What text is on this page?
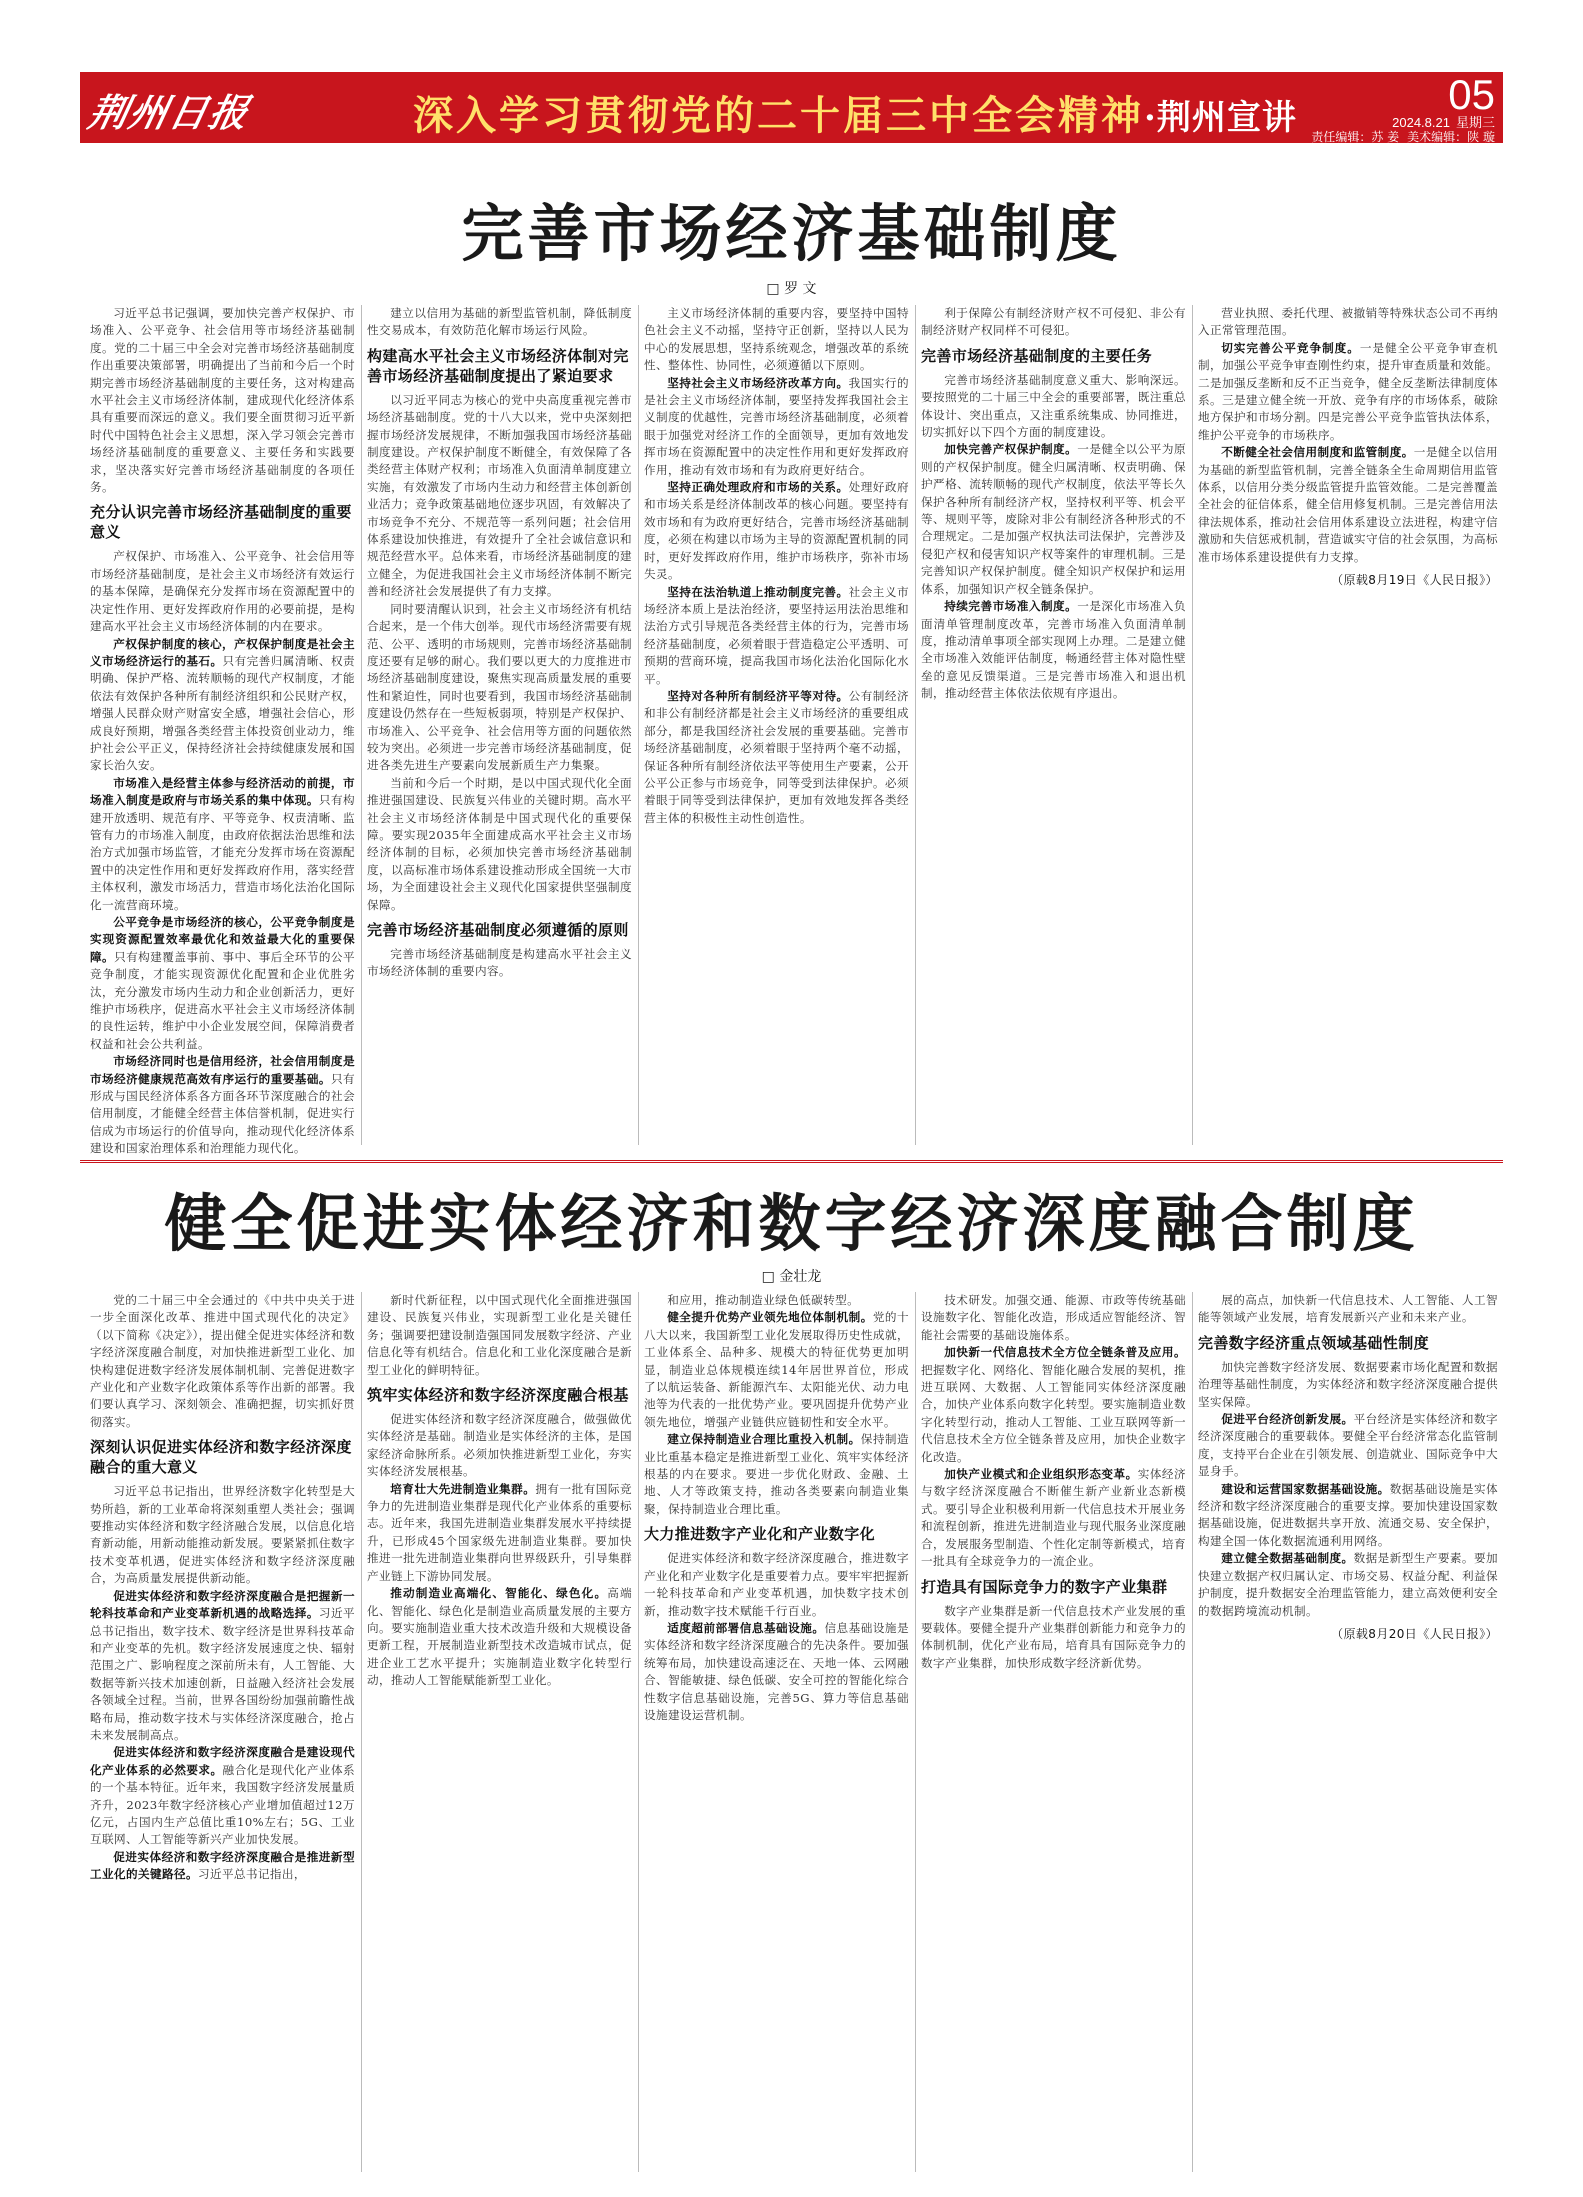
荆州日报	深入学习贯彻党的二十届三中全会精神·荆州宣讲	05
2024.8.21 星期三
责任编辑：苏 姜 美术编辑：陕 璇
完善市场经济基础制度
□ 罗 文

习近平总书记强调，要加快完善产权保护、市场准入、公平竞争、社会信用等市场经济基础制度。党的二十届三中全会对完善市场经济基础制度作出重要决策部署，明确提出了当前和今后一个时期完善市场经济基础制度的主要任务，这对构建高水平社会主义市场经济体制，建成现代化经济体系具有重要而深远的意义。我们要全面贯彻习近平新时代中国特色社会主义思想，深入学习领会完善市场经济基础制度的重要意义、主要任务和实践要求，坚决落实好完善市场经济基础制度的各项任务。

充分认识完善市场经济基础制度的重要意义

产权保护、市场准入、公平竞争、社会信用等市场经济基础制度，是社会主义市场经济有效运行的基本保障，是确保充分发挥市场在资源配置中的决定性作用、更好发挥政府作用的必要前提，是构建高水平社会主义市场经济体制的内在要求。

产权保护制度的核心，产权保护制度是社会主义市场经济运行的基石。只有完善归属清晰、权责明确、保护严格、流转顺畅的现代产权制度，才能依法有效保护各种所有制经济组织和公民财产权，增强人民群众财产财富安全感，增强社会信心，形成良好预期，增强各类经营主体投资创业动力，维护社会公平正义，保持经济社会持续健康发展和国家长治久安。

市场准入是经营主体参与经济活动的前提，市场准入制度是政府与市场关系的集中体现。只有构建开放透明、规范有序、平等竞争、权责清晰、监管有力的市场准入制度，由政府依据法治思维和法治方式加强市场监管，才能充分发挥市场在资源配置中的决定性作用和更好发挥政府作用，落实经营主体权利，激发市场活力，营造市场化法治化国际化一流营商环境。

公平竞争是市场经济的核心，公平竞争制度是实现资源配置效率最优化和效益最大化的重要保障。只有构建覆盖事前、事中、事后全环节的公平竞争制度，才能实现资源优化配置和企业优胜劣汰，充分激发市场内生动力和企业创新活力，更好维护市场秩序，促进高水平社会主义市场经济体制的良性运转，维护中小企业发展空间，保障消费者权益和社会公共利益。

市场经济同时也是信用经济，社会信用制度是市场经济健康规范高效有序运行的重要基础。只有形成与国民经济体系各方面各环节深度融合的社会信用制度，才能健全经营主体信誉机制，促进实行信成为市场运行的价值导向，推动现代化经济体系建设和国家治理体系和治理能力现代化。

建立以信用为基础的新型监管机制，降低制度性交易成本，有效防范化解市场运行风险。

构建高水平社会主义市场经济体制对完善市场经济基础制度提出了紧迫要求

以习近平同志为核心的党中央高度重视完善市场经济基础制度。党的十八大以来，党中央深刻把握市场经济发展规律，不断加强我国市场经济基础制度建设。产权保护制度不断健全，有效保障了各类经营主体财产权利；市场准入负面清单制度建立实施，有效激发了市场内生动力和经营主体创新创业活力；竞争政策基础地位逐步巩固，有效解决了市场竞争不充分、不规范等一系列问题；社会信用体系建设加快推进，有效提升了全社会诚信意识和规范经营水平。总体来看，市场经济基础制度的建立健全，为促进我国社会主义市场经济体制不断完善和经济社会发展提供了有力支撑。

同时要清醒认识到，社会主义市场经济有机结合起来，是一个伟大创举。现代市场经济需要有规范、公平、透明的市场规则，完善市场经济基础制度还要有足够的耐心。我们要以更大的力度推进市场经济基础制度建设，聚焦实现高质量发展的重要性和紧迫性，同时也要看到，我国市场经济基础制度建设仍然存在一些短板弱项，特别是产权保护、市场准入、公平竞争、社会信用等方面的问题依然较为突出。必须进一步完善市场经济基础制度，促进各类先进生产要素向发展新质生产力集聚。

当前和今后一个时期，是以中国式现代化全面推进强国建设、民族复兴伟业的关键时期。高水平社会主义市场经济体制是中国式现代化的重要保障。要实现2035年全面建成高水平社会主义市场经济体制的目标，必须加快完善市场经济基础制度，以高标准市场体系建设推动形成全国统一大市场，为全面建设社会主义现代化国家提供坚强制度保障。

完善市场经济基础制度必须遵循的原则

完善市场经济基础制度是构建高水平社会主义市场经济体制的重要内容。

主义市场经济体制的重要内容，要坚持中国特色社会主义不动摇，坚持守正创新，坚持以人民为中心的发展思想，坚持系统观念，增强改革的系统性、整体性、协同性，必须遵循以下原则。

坚持社会主义市场经济改革方向。我国实行的是社会主义市场经济体制，要坚持发挥我国社会主义制度的优越性，完善市场经济基础制度，必须着眼于加强党对经济工作的全面领导，更加有效地发挥市场在资源配置中的决定性作用和更好发挥政府作用，推动有效市场和有为政府更好结合。

坚持正确处理政府和市场的关系。处理好政府和市场关系是经济体制改革的核心问题。要坚持有效市场和有为政府更好结合，完善市场经济基础制度，必须在构建以市场为主导的资源配置机制的同时，更好发挥政府作用，维护市场秩序，弥补市场失灵。

坚持在法治轨道上推动制度完善。社会主义市场经济本质上是法治经济，要坚持运用法治思维和法治方式引导规范各类经营主体的行为，完善市场经济基础制度，必须着眼于营造稳定公平透明、可预期的营商环境，提高我国市场化法治化国际化水平。

坚持对各种所有制经济平等对待。公有制经济和非公有制经济都是社会主义市场经济的重要组成部分，都是我国经济社会发展的重要基础。完善市场经济基础制度，必须着眼于坚持两个毫不动摇，保证各种所有制经济依法平等使用生产要素，公开公平公正参与市场竞争，同等受到法律保护。必须着眼于同等受到法律保护，更加有效地发挥各类经营主体的积极性主动性创造性。

利于保障公有制经济财产权不可侵犯、非公有制经济财产权同样不可侵犯。

完善市场经济基础制度的主要任务

完善市场经济基础制度意义重大、影响深远。要按照党的二十届三中全会的重要部署，既注重总体设计、突出重点，又注重系统集成、协同推进，切实抓好以下四个方面的制度建设。

加快完善产权保护制度。一是健全以公平为原则的产权保护制度。健全归属清晰、权责明确、保护严格、流转顺畅的现代产权制度，依法平等长久保护各种所有制经济产权，坚持权利平等、机会平等、规则平等，废除对非公有制经济各种形式的不合理规定。二是加强产权执法司法保护，完善涉及侵犯产权和侵害知识产权等案件的审理机制。三是完善知识产权保护制度。健全知识产权保护和运用体系，加强知识产权全链条保护。

持续完善市场准入制度。一是深化市场准入负面清单管理制度改革，完善市场准入负面清单制度，推动清单事项全部实现网上办理。二是建立健全市场准入效能评估制度，畅通经营主体对隐性壁垒的意见反馈渠道。三是完善市场准入和退出机制，推动经营主体依法依规有序退出。

营业执照、委托代理、被撤销等特殊状态公司不再纳入正常管理范围。

切实完善公平竞争制度。一是健全公平竞争审查机制，加强公平竞争审查刚性约束，提升审查质量和效能。二是加强反垄断和反不正当竞争，健全反垄断法律制度体系。三是建立健全统一开放、竞争有序的市场体系，破除地方保护和市场分割。四是完善公平竞争监管执法体系，维护公平竞争的市场秩序。

不断健全社会信用制度和监管制度。一是健全以信用为基础的新型监管机制，完善全链条全生命周期信用监管体系，以信用分类分级监管提升监管效能。二是完善覆盖全社会的征信体系，健全信用修复机制。三是完善信用法律法规体系，推动社会信用体系建设立法进程，构建守信激励和失信惩戒机制，营造诚实守信的社会氛围，为高标准市场体系建设提供有力支撑。

（原载8月19日《人民日报》）

健全促进实体经济和数字经济深度融合制度
□ 金壮龙

党的二十届三中全会通过的《中共中央关于进一步全面深化改革、推进中国式现代化的决定》（以下简称《决定》），提出健全促进实体经济和数字经济深度融合制度，对加快推进新型工业化、加快构建促进数字经济发展体制机制、完善促进数字产业化和产业数字化政策体系等作出新的部署。我们要认真学习、深刻领会、准确把握，切实抓好贯彻落实。

深刻认识促进实体经济和数字经济深度融合的重大意义

习近平总书记指出，世界经济数字化转型是大势所趋，新的工业革命将深刻重塑人类社会；强调要推动实体经济和数字经济融合发展，以信息化培育新动能，用新动能推动新发展。要紧紧抓住数字技术变革机遇，促进实体经济和数字经济深度融合，为高质量发展提供新动能。

促进实体经济和数字经济深度融合是把握新一轮科技革命和产业变革新机遇的战略选择。习近平总书记指出，数字技术、数字经济是世界科技革命和产业变革的先机。数字经济发展速度之快、辐射范围之广、影响程度之深前所未有，人工智能、大数据等新兴技术加速创新，日益融入经济社会发展各领域全过程。当前，世界各国纷纷加强前瞻性战略布局，推动数字技术与实体经济深度融合，抢占未来发展制高点。

促进实体经济和数字经济深度融合是建设现代化产业体系的必然要求。融合化是现代化产业体系的一个基本特征。近年来，我国数字经济发展量质齐升，2023年数字经济核心产业增加值超过12万亿元，占国内生产总值比重10%左右；5G、工业互联网、人工智能等新兴产业加快发展。

促进实体经济和数字经济深度融合是推进新型工业化的关键路径。习近平总书记指出，

新时代新征程，以中国式现代化全面推进强国建设、民族复兴伟业，实现新型工业化是关键任务；强调要把建设制造强国同发展数字经济、产业信息化等有机结合。信息化和工业化深度融合是新型工业化的鲜明特征。

筑牢实体经济和数字经济深度融合根基

促进实体经济和数字经济深度融合，做强做优实体经济是基础。制造业是实体经济的主体，是国家经济命脉所系。必须加快推进新型工业化，夯实实体经济发展根基。

培育壮大先进制造业集群。拥有一批有国际竞争力的先进制造业集群是现代化产业体系的重要标志。近年来，我国先进制造业集群发展水平持续提升，已形成45个国家级先进制造业集群。要加快推进一批先进制造业集群向世界级跃升，引导集群产业链上下游协同发展。

推动制造业高端化、智能化、绿色化。高端化、智能化、绿色化是制造业高质量发展的主要方向。要实施制造业重大技术改造升级和大规模设备更新工程，开展制造业新型技术改造城市试点，促进企业工艺水平提升；实施制造业数字化转型行动，推动人工智能赋能新型工业化。

和应用，推动制造业绿色低碳转型。

健全提升优势产业领先地位体制机制。党的十八大以来，我国新型工业化发展取得历史性成就，工业体系全、品种多、规模大的特征优势更加明显，制造业总体规模连续14年居世界首位，形成了以航运装备、新能源汽车、太阳能光伏、动力电池等为代表的一批优势产业。要巩固提升优势产业领先地位，增强产业链供应链韧性和安全水平。

建立保持制造业合理比重投入机制。保持制造业比重基本稳定是推进新型工业化、筑牢实体经济根基的内在要求。要进一步优化财政、金融、土地、人才等政策支持，推动各类要素向制造业集聚，保持制造业合理比重。

大力推进数字产业化和产业数字化

促进实体经济和数字经济深度融合，推进数字产业化和产业数字化是重要着力点。要牢牢把握新一轮科技革命和产业变革机遇，加快数字技术创新，推动数字技术赋能千行百业。

适度超前部署信息基础设施。信息基础设施是实体经济和数字经济深度融合的先决条件。要加强统筹布局，加快建设高速泛在、天地一体、云网融合、智能敏捷、绿色低碳、安全可控的智能化综合性数字信息基础设施，完善5G、算力等信息基础设施建设运营机制。

技术研发。加强交通、能源、市政等传统基础设施数字化、智能化改造，形成适应智能经济、智能社会需要的基础设施体系。

加快新一代信息技术全方位全链条普及应用。把握数字化、网络化、智能化融合发展的契机，推进互联网、大数据、人工智能同实体经济深度融合，加快产业体系向数字化转型。要实施制造业数字化转型行动，推动人工智能、工业互联网等新一代信息技术全方位全链条普及应用，加快企业数字化改造。

加快产业模式和企业组织形态变革。实体经济与数字经济深度融合不断催生新产业新业态新模式。要引导企业积极利用新一代信息技术开展业务和流程创新，推进先进制造业与现代服务业深度融合，发展服务型制造、个性化定制等新模式，培育一批具有全球竞争力的一流企业。

打造具有国际竞争力的数字产业集群

数字产业集群是新一代信息技术产业发展的重要载体。要健全提升产业集群创新能力和竞争力的体制机制，优化产业布局，培育具有国际竞争力的数字产业集群，加快形成数字经济新优势。

展的高点，加快新一代信息技术、人工智能、人工智能等领域产业发展，培育发展新兴产业和未来产业。

完善数字经济重点领域基础性制度

加快完善数字经济发展、数据要素市场化配置和数据治理等基础性制度，为实体经济和数字经济深度融合提供坚实保障。

促进平台经济创新发展。平台经济是实体经济和数字经济深度融合的重要载体。要健全平台经济常态化监管制度，支持平台企业在引领发展、创造就业、国际竞争中大显身手。

建设和运营国家数据基础设施。数据基础设施是实体经济和数字经济深度融合的重要支撑。要加快建设国家数据基础设施，促进数据共享开放、流通交易、安全保护，构建全国一体化数据流通利用网络。

建立健全数据基础制度。数据是新型生产要素。要加快建立数据产权归属认定、市场交易、权益分配、利益保护制度，提升数据安全治理监管能力，建立高效便利安全的数据跨境流动机制。

（原载8月20日《人民日报》）
